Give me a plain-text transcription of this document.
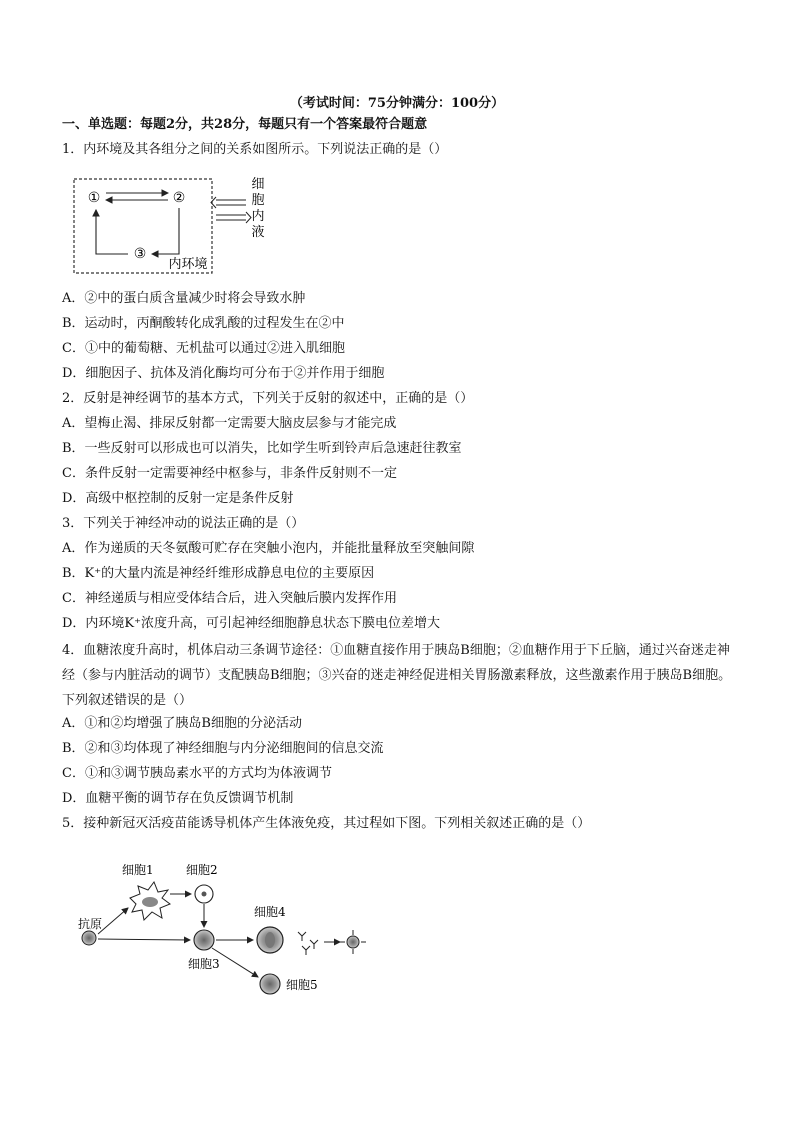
（考试时间：75分钟满分：100分）
一、单选题：每题2分，共28分，每题只有一个答案最符合题意
1．内环境及其各组分之间的关系如图所示。下列说法正确的是（）
①	②
③
内环境
细
胞
内
液
A．②中的蛋白质含量减少时将会导致水肿
B．运动时，丙酮酸转化成乳酸的过程发生在②中
C．①中的葡萄糖、无机盐可以通过②进入肌细胞
D．细胞因子、抗体及消化酶均可分布于②并作用于细胞
2．反射是神经调节的基本方式，下列关于反射的叙述中，正确的是（）
A．望梅止渴、排尿反射都一定需要大脑皮层参与才能完成
B．一些反射可以形成也可以消失，比如学生听到铃声后急速赶往教室
C．条件反射一定需要神经中枢参与，非条件反射则不一定
D．高级中枢控制的反射一定是条件反射
3．下列关于神经冲动的说法正确的是（）
A．作为递质的天冬氨酸可贮存在突触小泡内，并能批量释放至突触间隙
B．K⁺的大量内流是神经纤维形成静息电位的主要原因
C．神经递质与相应受体结合后，进入突触后膜内发挥作用
D．内环境K⁺浓度升高，可引起神经细胞静息状态下膜电位差增大
4．血糖浓度升高时，机体启动三条调节途径：①血糖直接作用于胰岛B细胞；②血糖作用于下丘脑，通过兴奋迷走神经（参与内脏活动的调节）支配胰岛B细胞；③兴奋的迷走神经促进相关胃肠激素释放，这些激素作用于胰岛B细胞。下列叙述错误的是（）
A．①和②均增强了胰岛B细胞的分泌活动
B．②和③均体现了神经细胞与内分泌细胞间的信息交流
C．①和③调节胰岛素水平的方式均为体液调节
D．血糖平衡的调节存在负反馈调节机制
5．接种新冠灭活疫苗能诱导机体产生体液免疫，其过程如下图。下列相关叙述正确的是（）
抗原
细胞1	细胞2
细胞3
细胞4
细胞5
